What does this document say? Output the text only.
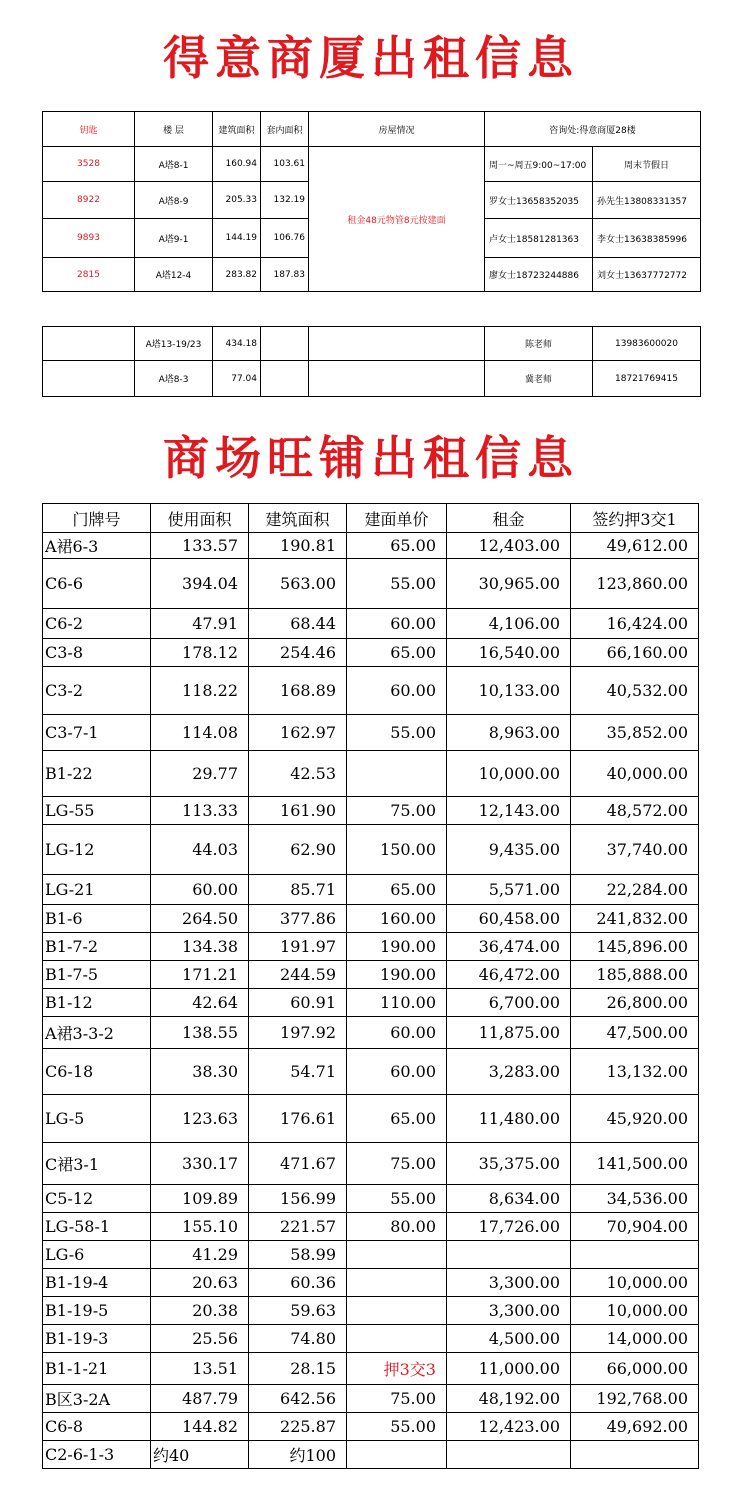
得意商厦出租信息
钥匙	楼 层	建筑面积	套内面积	房屋情况	咨询处:得意商厦28楼	
3528	A塔8-1	160.94	103.61	租金48元物管8元按建面	周一~周五9:00~17:00	周末节假日
8922	A塔8-9	205.33	132.19		罗女士13658352035	孙先生13808331357
9893	A塔9-1	144.19	106.76		卢女士18581281363	李女士13638385996
2815	A塔12-4	283.82	187.83		廖女士18723244886	刘女士13637772772
	A塔13-19/23	434.18			陈老师	13983600020
	A塔8-3	77.04			冀老师	18721769415
商场旺铺出租信息
门牌号	使用面积	建筑面积	建面单价	租金	签约押3交1
A裙6-3	133.57	190.81	65.00	12,403.00	49,612.00
C6-6	394.04	563.00	55.00	30,965.00	123,860.00
C6-2	47.91	68.44	60.00	4,106.00	16,424.00
C3-8	178.12	254.46	65.00	16,540.00	66,160.00
C3-2	118.22	168.89	60.00	10,133.00	40,532.00
C3-7-1	114.08	162.97	55.00	8,963.00	35,852.00
B1-22	29.77	42.53		10,000.00	40,000.00
LG-55	113.33	161.90	75.00	12,143.00	48,572.00
LG-12	44.03	62.90	150.00	9,435.00	37,740.00
LG-21	60.00	85.71	65.00	5,571.00	22,284.00
B1-6	264.50	377.86	160.00	60,458.00	241,832.00
B1-7-2	134.38	191.97	190.00	36,474.00	145,896.00
B1-7-5	171.21	244.59	190.00	46,472.00	185,888.00
B1-12	42.64	60.91	110.00	6,700.00	26,800.00
A裙3-3-2	138.55	197.92	60.00	11,875.00	47,500.00
C6-18	38.30	54.71	60.00	3,283.00	13,132.00
LG-5	123.63	176.61	65.00	11,480.00	45,920.00
C裙3-1	330.17	471.67	75.00	35,375.00	141,500.00
C5-12	109.89	156.99	55.00	8,634.00	34,536.00
LG-58-1	155.10	221.57	80.00	17,726.00	70,904.00
LG-6	41.29	58.99			
B1-19-4	20.63	60.36		3,300.00	10,000.00
B1-19-5	20.38	59.63		3,300.00	10,000.00
B1-19-3	25.56	74.80		4,500.00	14,000.00
B1-1-21	13.51	28.15	押3交3	11,000.00	66,000.00
B区3-2A	487.79	642.56	75.00	48,192.00	192,768.00
C6-8	144.82	225.87	55.00	12,423.00	49,692.00
C2-6-1-3	约40	约100			
